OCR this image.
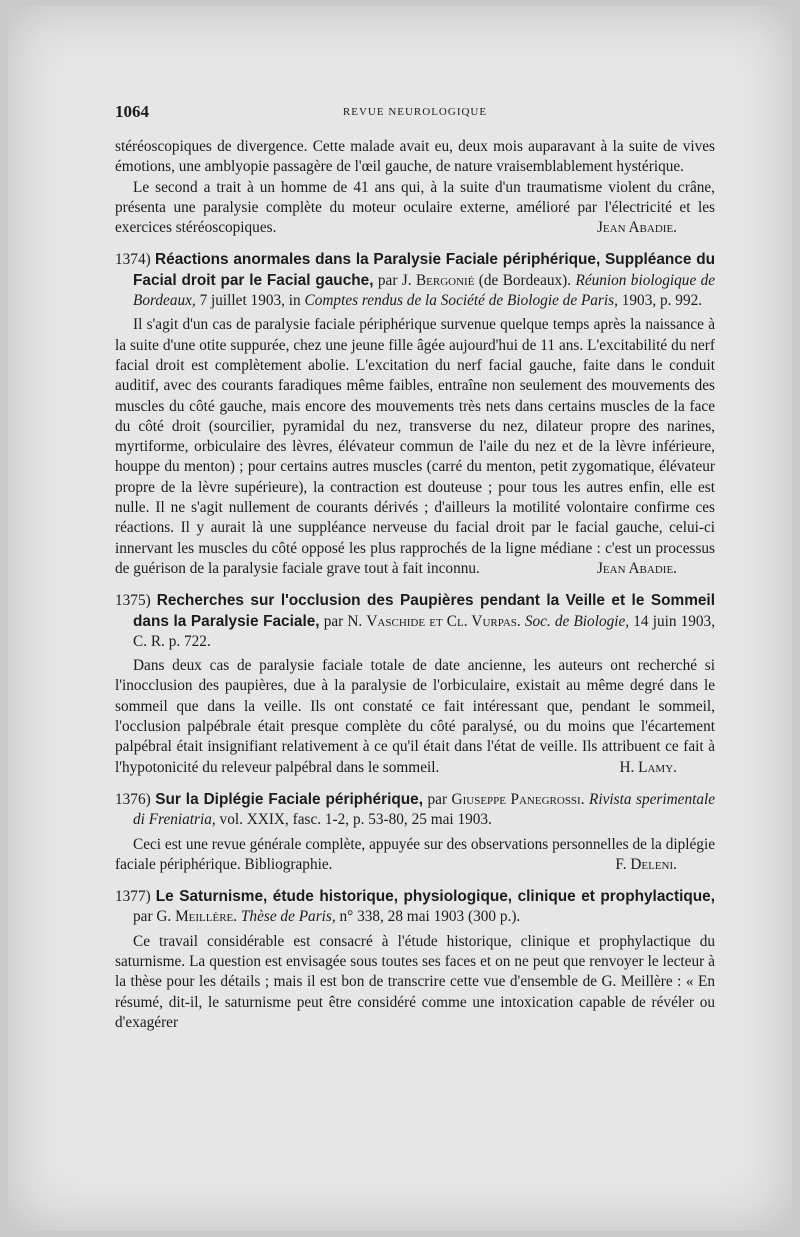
1064	REVUE NEUROLOGIQUE

stéréoscopiques de divergence. Cette malade avait eu, deux mois auparavant à la suite de vives émotions, une amblyopie passagère de l'œil gauche, de nature vraisemblablement hystérique.

Le second a trait à un homme de 41 ans qui, à la suite d'un traumatisme violent du crâne, présenta une paralysie complète du moteur oculaire externe, amélioré par l'électricité et les exercices stéréoscopiques.	Jean Abadie.

1374) Réactions anormales dans la Paralysie Faciale périphérique, Suppléance du Facial droit par le Facial gauche, par J. Bergonié (de Bordeaux). Réunion biologique de Bordeaux, 7 juillet 1903, in Comptes rendus de la Société de Biologie de Paris, 1903, p. 992.

Il s'agit d'un cas de paralysie faciale périphérique survenue quelque temps après la naissance à la suite d'une otite suppurée, chez une jeune fille âgée aujourd'hui de 11 ans. L'excitabilité du nerf facial droit est complètement abolie. L'excitation du nerf facial gauche, faite dans le conduit auditif, avec des courants faradiques même faibles, entraîne non seulement des mouvements des muscles du côté gauche, mais encore des mouvements très nets dans certains muscles de la face du côté droit (sourcilier, pyramidal du nez, transverse du nez, dilateur propre des narines, myrtiforme, orbiculaire des lèvres, élévateur commun de l'aile du nez et de la lèvre inférieure, houppe du menton) ; pour certains autres muscles (carré du menton, petit zygomatique, élévateur propre de la lèvre supérieure), la contraction est douteuse ; pour tous les autres enfin, elle est nulle. Il ne s'agit nullement de courants dérivés ; d'ailleurs la motilité volontaire confirme ces réactions. Il y aurait là une suppléance nerveuse du facial droit par le facial gauche, celui-ci innervant les muscles du côté opposé les plus rapprochés de la ligne médiane : c'est un processus de guérison de la paralysie faciale grave tout à fait inconnu.	Jean Abadie.

1375) Recherches sur l'occlusion des Paupières pendant la Veille et le Sommeil dans la Paralysie Faciale, par N. Vaschide et Cl. Vurpas. Soc. de Biologie, 14 juin 1903, C. R. p. 722.

Dans deux cas de paralysie faciale totale de date ancienne, les auteurs ont recherché si l'inocclusion des paupières, due à la paralysie de l'orbiculaire, existait au même degré dans le sommeil que dans la veille. Ils ont constaté ce fait intéressant que, pendant le sommeil, l'occlusion palpébrale était presque complète du côté paralysé, ou du moins que l'écartement palpébral était insignifiant relativement à ce qu'il était dans l'état de veille. Ils attribuent ce fait à l'hypotonicité du releveur palpébral dans le sommeil.	H. Lamy.

1376) Sur la Diplégie Faciale périphérique, par Giuseppe Panegrossi. Rivista sperimentale di Freniatria, vol. XXIX, fasc. 1-2, p. 53-80, 25 mai 1903.

Ceci est une revue générale complète, appuyée sur des observations personnelles de la diplégie faciale périphérique. Bibliographie.	F. Deleni.

1377) Le Saturnisme, étude historique, physiologique, clinique et prophylactique, par G. Meillère. Thèse de Paris, n° 338, 28 mai 1903 (300 p.).

Ce travail considérable est consacré à l'étude historique, clinique et prophylactique du saturnisme. La question est envisagée sous toutes ses faces et on ne peut que renvoyer le lecteur à la thèse pour les détails ; mais il est bon de transcrire cette vue d'ensemble de G. Meillère : « En résumé, dit-il, le saturnisme peut être considéré comme une intoxication capable de révéler ou d'exagérer
